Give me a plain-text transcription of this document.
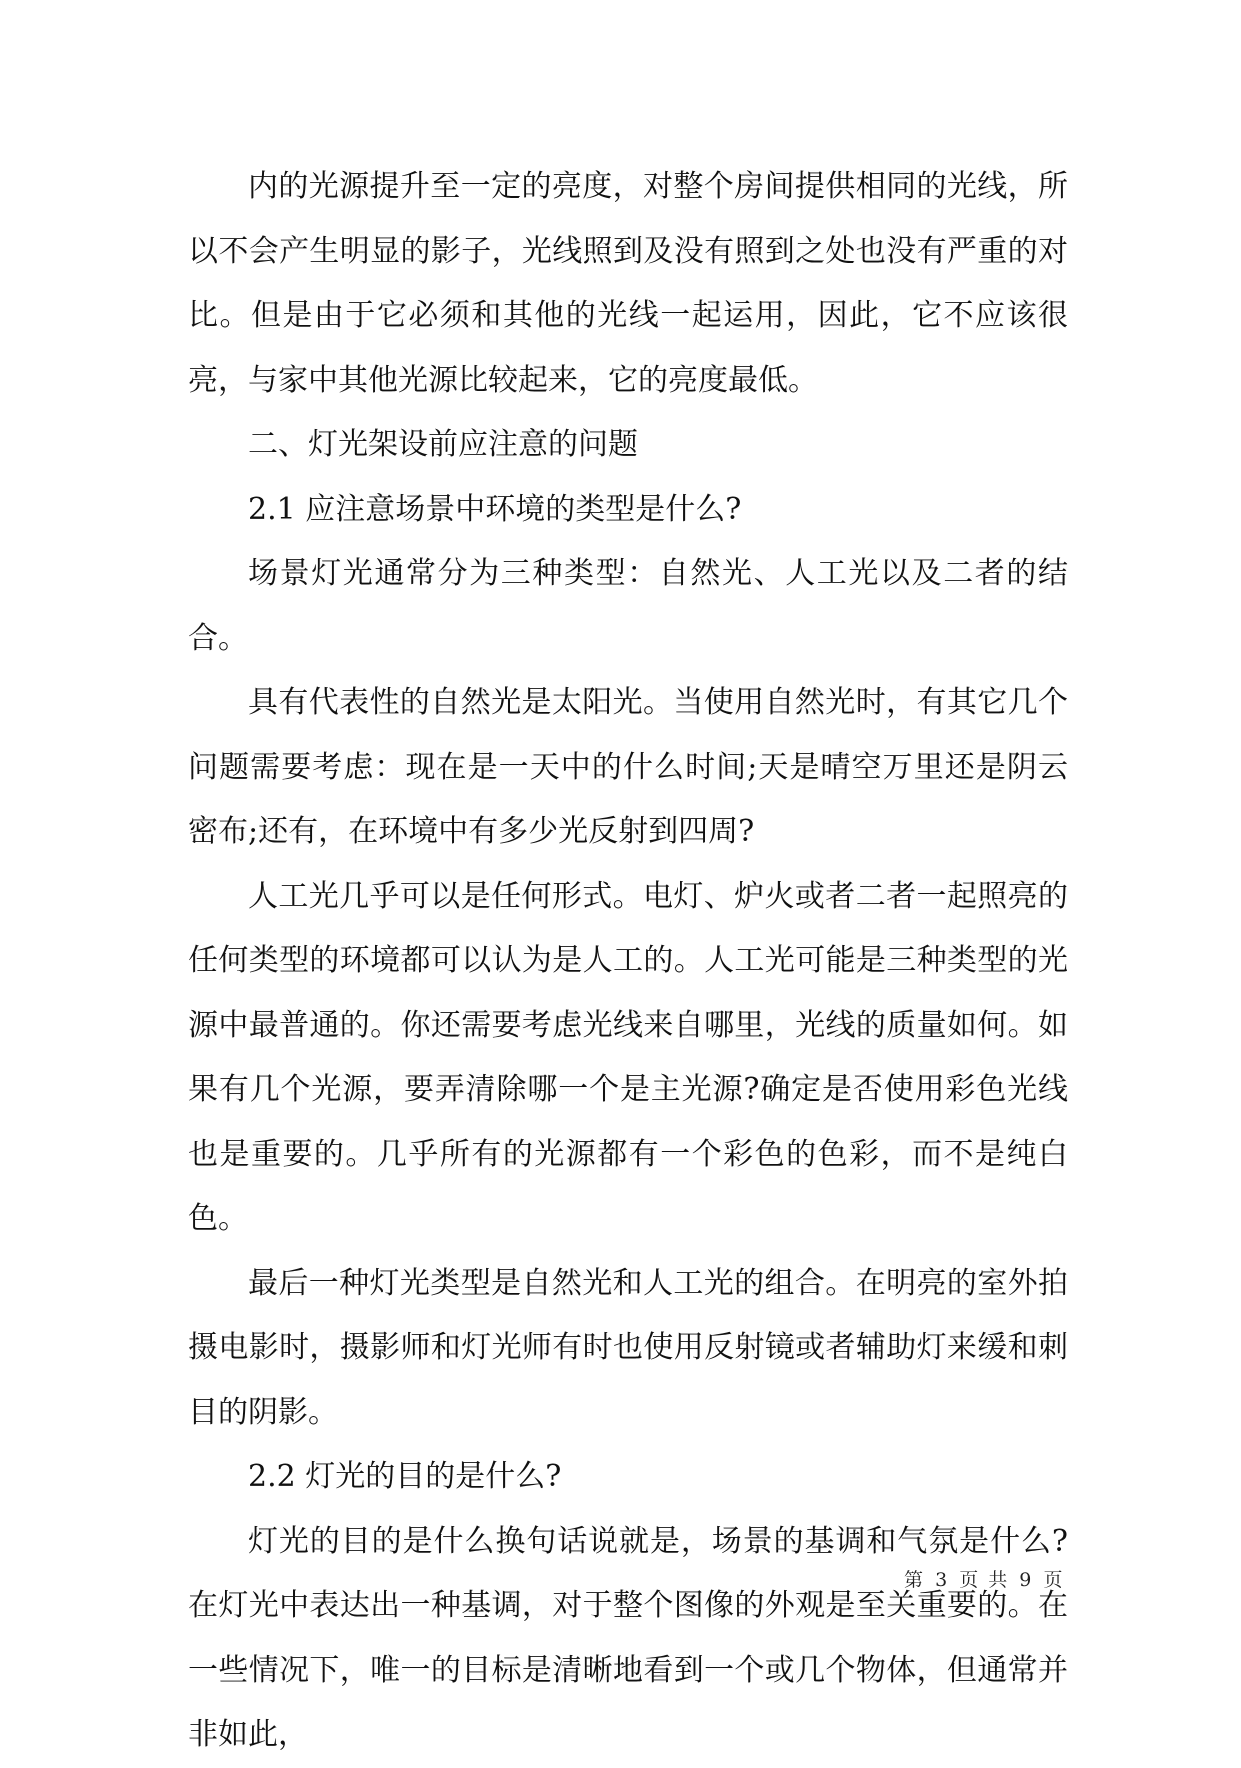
内的光源提升至一定的亮度，对整个房间提供相同的光线，所以不会产生明显的影子，光线照到及没有照到之处也没有严重的对比。但是由于它必须和其他的光线一起运用，因此，它不应该很亮，与家中其他光源比较起来，它的亮度最低。

二、灯光架设前应注意的问题

2.1 应注意场景中环境的类型是什么?

场景灯光通常分为三种类型：自然光、人工光以及二者的结合。

具有代表性的自然光是太阳光。当使用自然光时，有其它几个问题需要考虑：现在是一天中的什么时间;天是晴空万里还是阴云密布;还有，在环境中有多少光反射到四周?

人工光几乎可以是任何形式。电灯、炉火或者二者一起照亮的任何类型的环境都可以认为是人工的。人工光可能是三种类型的光源中最普通的。你还需要考虑光线来自哪里，光线的质量如何。如果有几个光源，要弄清除哪一个是主光源?确定是否使用彩色光线也是重要的。几乎所有的光源都有一个彩色的色彩，而不是纯白色。

最后一种灯光类型是自然光和人工光的组合。在明亮的室外拍摄电影时，摄影师和灯光师有时也使用反射镜或者辅助灯来缓和刺目的阴影。

2.2 灯光的目的是什么?

灯光的目的是什么换句话说就是，场景的基调和气氛是什么?在灯光中表达出一种基调，对于整个图像的外观是至关重要的。在一些情况下，唯一的目标是清晰地看到一个或几个物体，但通常并非如此，

第 3 页 共 9 页
